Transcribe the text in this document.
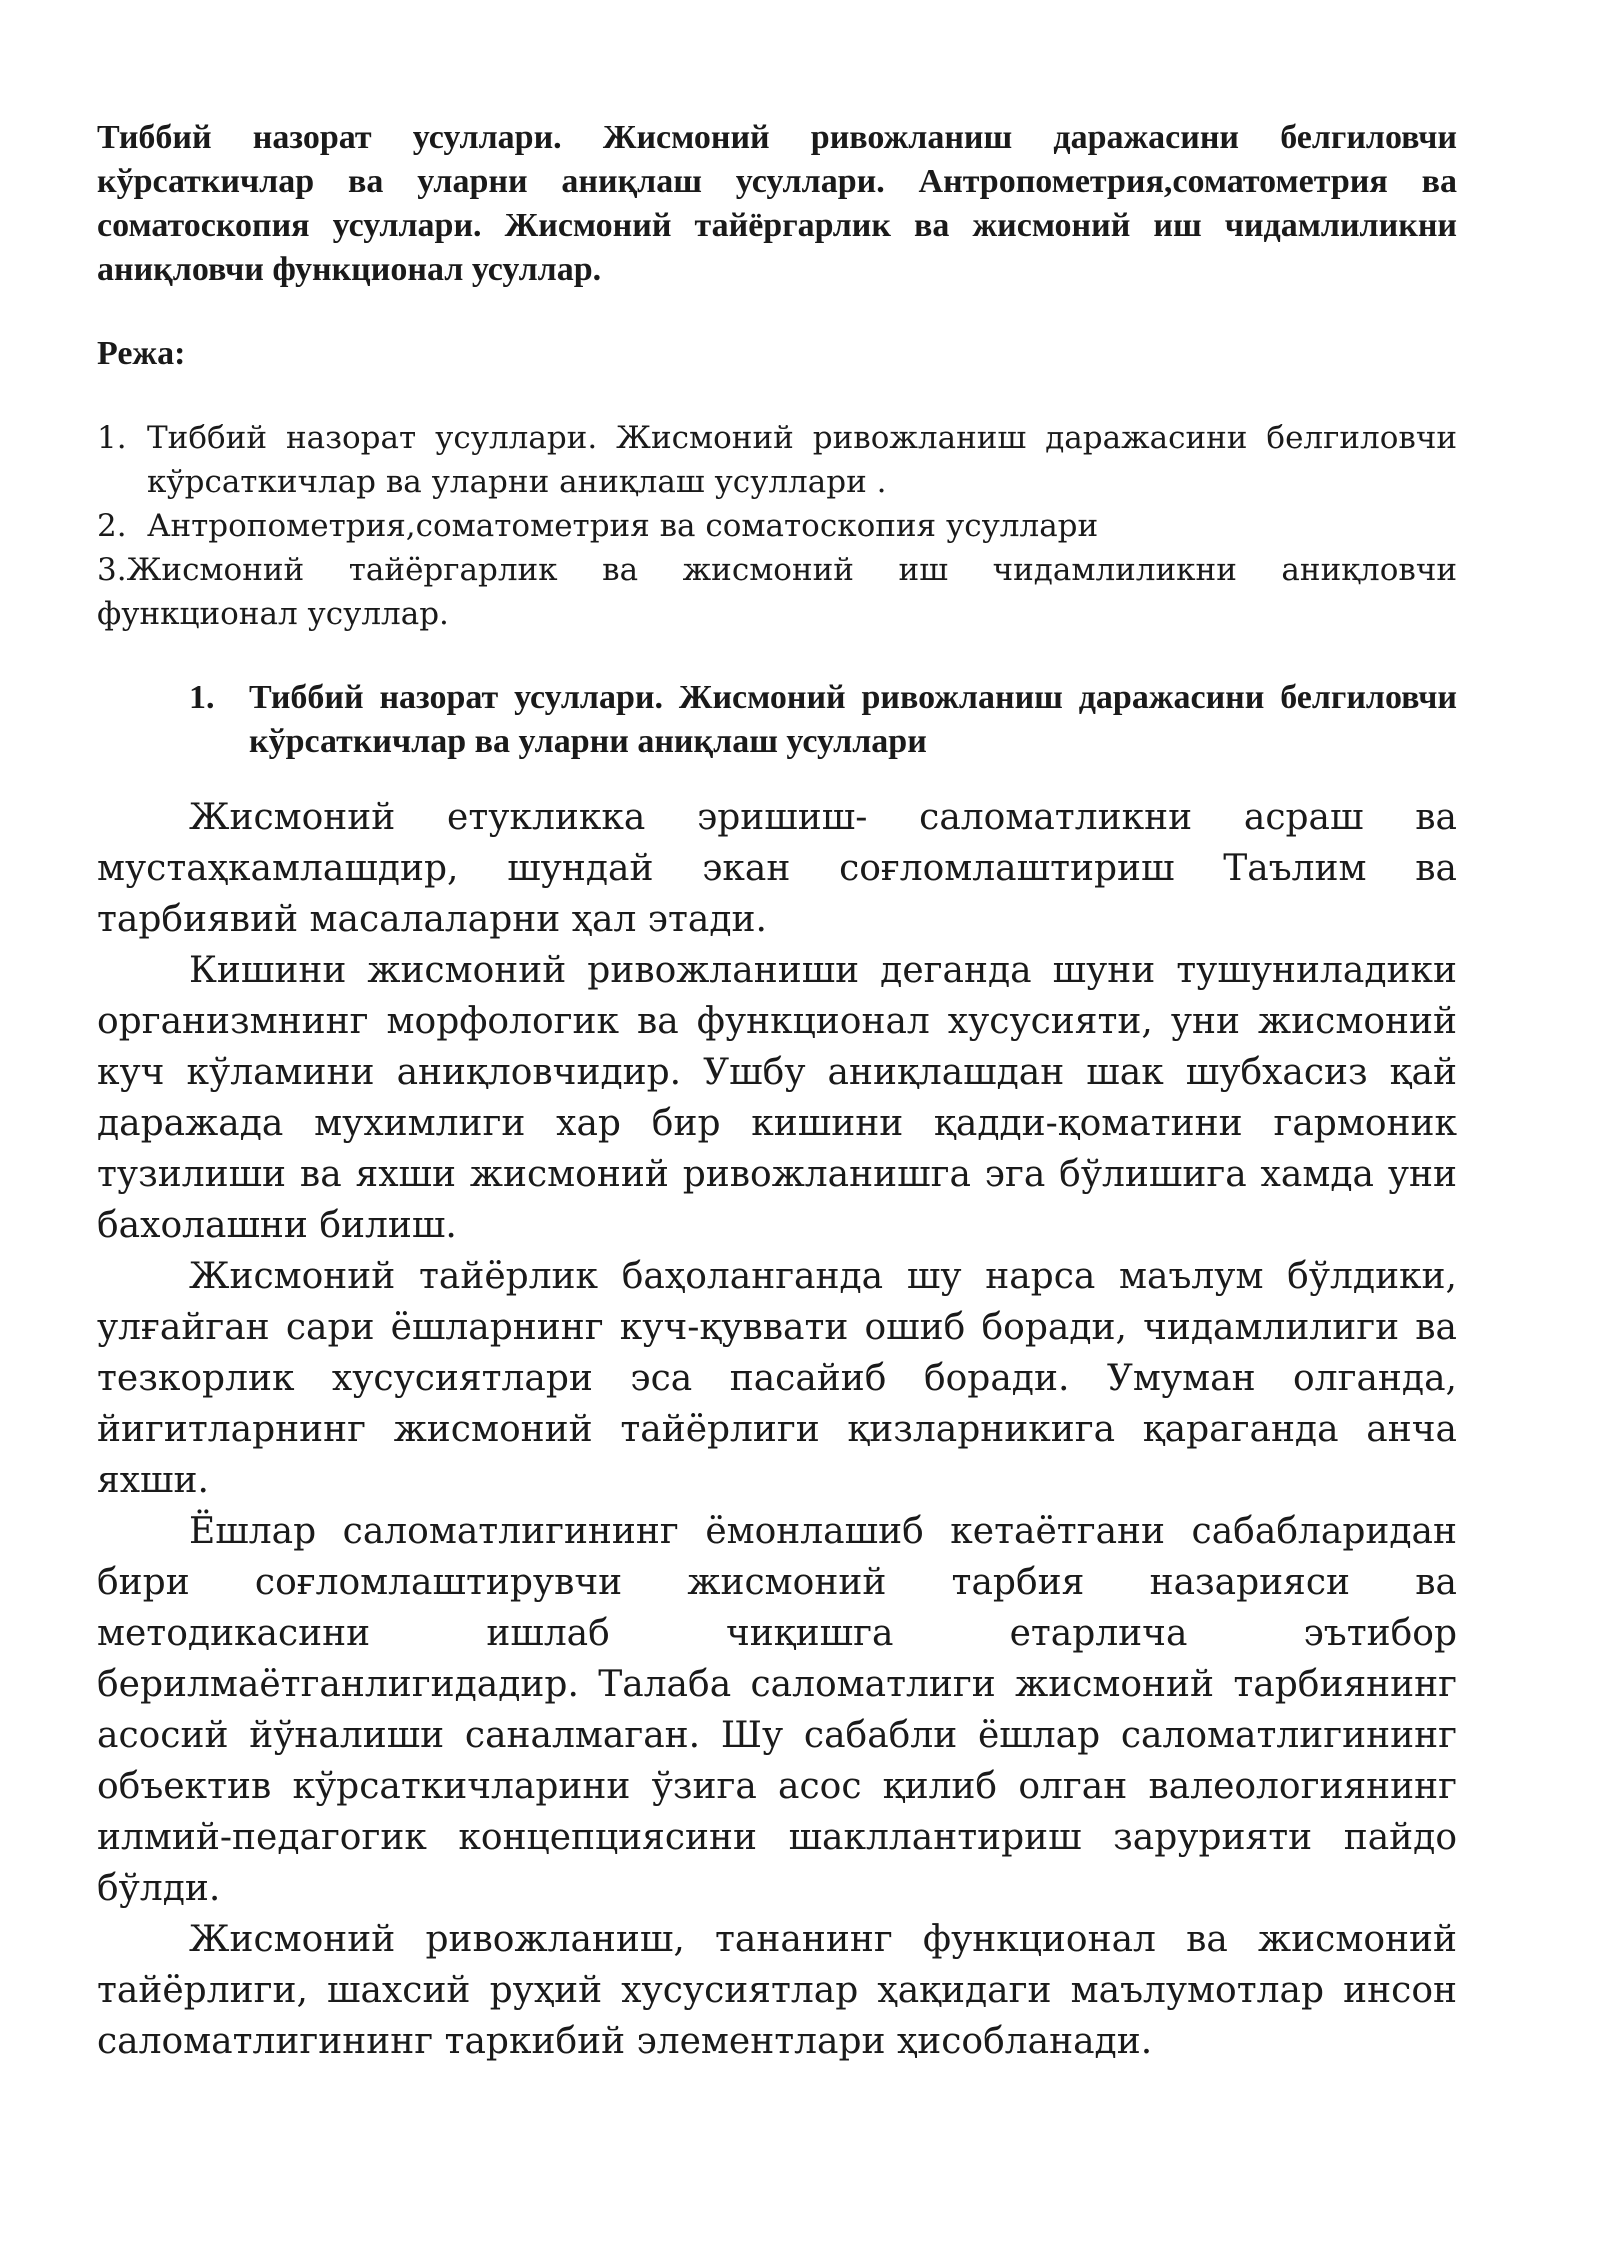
Тиббий назорат усуллари. Жисмоний ривожланиш даражасини белгиловчи кўрсаткичлар ва уларни аниқлаш усуллари. Антропометрия,соматометрия ва соматоскопия усуллари. Жисмоний тайёргарлик ва жисмоний иш чидамлиликни аниқловчи функционал усуллар.

Режа:
1. Тиббий назорат усуллари. Жисмоний ривожланиш даражасини белгиловчи кўрсаткичлар ва уларни аниқлаш усуллари .
2. Антропометрия,соматометрия ва соматоскопия усуллари
3.Жисмоний тайёргарлик ва жисмоний иш чидамлиликни аниқловчи функционал усуллар.
1.	Тиббий назорат усуллари. Жисмоний ривожланиш даражасини белгиловчи кўрсаткичлар ва уларни аниқлаш усуллари

Жисмоний етукликка эришиш- саломатликни асраш ва мустаҳкамлашдир, шундай экан соғломлаштириш Таълим ва тарбиявий масалаларни ҳал этади.

Кишини жисмоний ривожланиши деганда шуни тушуниладики организмнинг морфологик ва функционал хусусияти, уни жисмоний куч кўламини аниқловчидир. Ушбу аниқлашдан шак шубхасиз қай даражада мухимлиги хар бир кишини қадди-қоматини гармоник тузилиши ва яхши жисмоний ривожланишга эга бўлишига хамда уни бахолашни билиш.

Жисмоний тайёрлик баҳоланганда шу нарса маълум бўлдики, улғайган сари ёшларнинг куч-қуввати ошиб боради, чидамлилиги ва тезкорлик хусусиятлари эса пасайиб боради. Умуман олганда, йигитларнинг жисмоний тайёрлиги қизларникига қараганда анча яхши.

Ёшлар саломатлигининг ёмонлашиб кетаётгани сабабларидан бири соғломлаштирувчи жисмоний тарбия назарияси ва методикасини ишлаб чиқишга етарлича эътибор берилмаётганлигидадир. Талаба саломатлиги жисмоний тарбиянинг асосий йўналиши саналмаган. Шу сабабли ёшлар саломатлигининг объектив кўрсаткичларини ўзига асос қилиб олган валеологиянинг илмий-педагогик концепциясини шакллантириш зарурияти пайдо бўлди.

Жисмоний ривожланиш, тананинг функционал ва жисмоний тайёрлиги, шахсий руҳий хусусиятлар ҳақидаги маълумотлар инсон саломатлигининг таркибий элементлари ҳисобланади.
